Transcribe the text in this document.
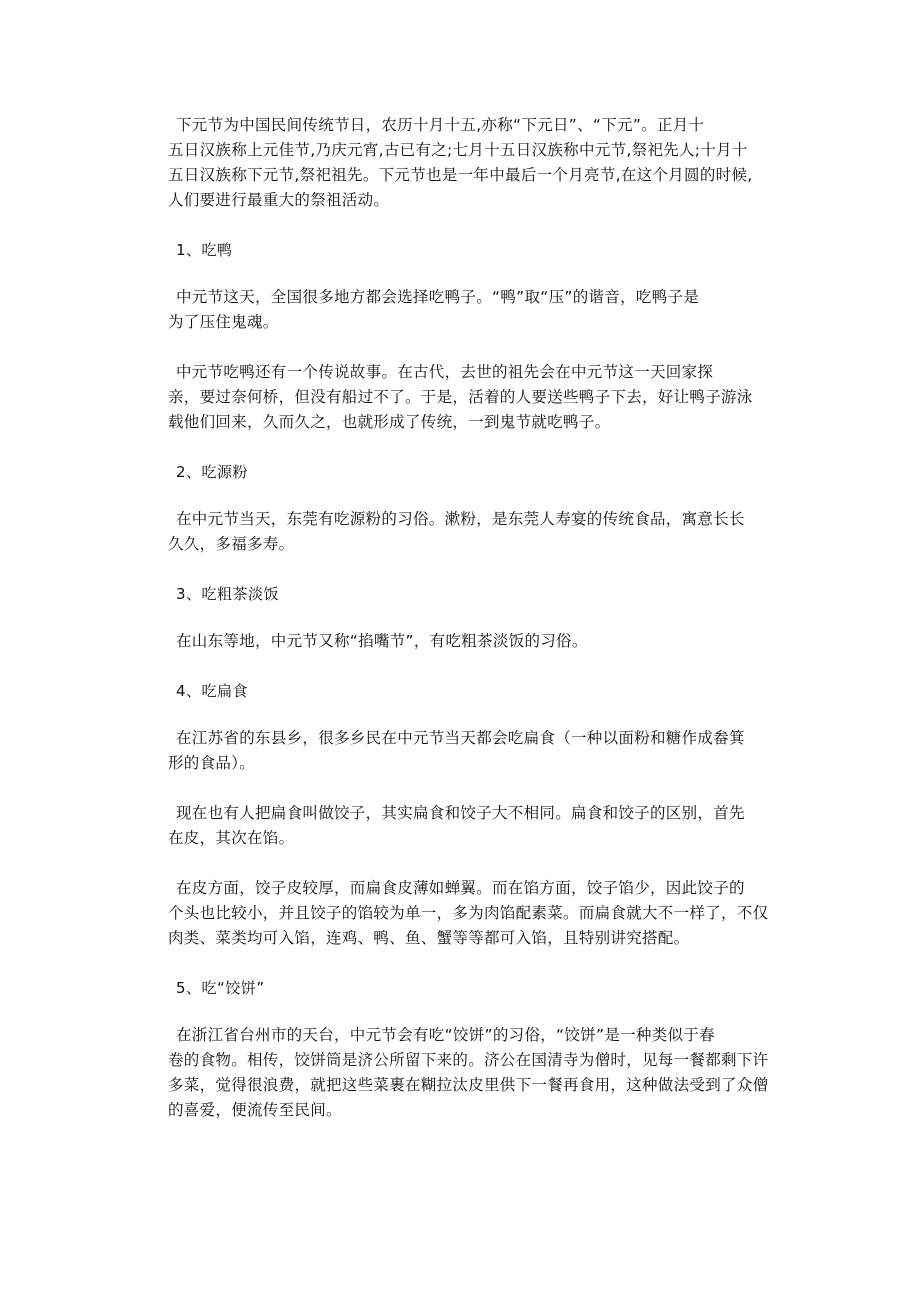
下元节为中国民间传统节日，农历十月十五,亦称“下元日”、“下元”。正月十
五日汉族称上元佳节,乃庆元宵,古已有之;七月十五日汉族称中元节,祭祀先人;十月十
五日汉族称下元节,祭祀祖先。下元节也是一年中最后一个月亮节,在这个月圆的时候,
人们要进行最重大的祭祖活动。

1、吃鸭

中元节这天，全国很多地方都会选择吃鸭子。“鸭”取“压”的谐音，吃鸭子是
为了压住鬼魂。

中元节吃鸭还有一个传说故事。在古代，去世的祖先会在中元节这一天回家探
亲，要过奈何桥，但没有船过不了。于是，活着的人要送些鸭子下去，好让鸭子游泳
载他们回来，久而久之，也就形成了传统，一到鬼节就吃鸭子。

2、吃源粉

在中元节当天，东莞有吃源粉的习俗。漱粉，是东莞人寿宴的传统食品，寓意长长
久久，多福多寿。

3、吃粗茶淡饭

在山东等地，中元节又称“掐嘴节”，有吃粗茶淡饭的习俗。

4、吃扁食

在江苏省的东县乡，很多乡民在中元节当天都会吃扁食（一种以面粉和糖作成畚箕
形的食品）。

现在也有人把扁食叫做饺子，其实扁食和饺子大不相同。扁食和饺子的区别，首先
在皮，其次在馅。

在皮方面，饺子皮较厚，而扁食皮薄如蝉翼。而在馅方面，饺子馅少，因此饺子的
个头也比较小，并且饺子的馅较为单一，多为肉馅配素菜。而扁食就大不一样了，不仅
肉类、菜类均可入馅，连鸡、鸭、鱼、蟹等等都可入馅，且特别讲究搭配。

5、吃“饺饼”

在浙江省台州市的天台，中元节会有吃“饺饼”的习俗，“饺饼”是一种类似于春
卷的食物。相传，饺饼筒是济公所留下来的。济公在国清寺为僧时，见每一餐都剩下许
多菜，觉得很浪费，就把这些菜裹在糊拉汰皮里供下一餐再食用，这种做法受到了众僧
的喜爱，便流传至民间。
